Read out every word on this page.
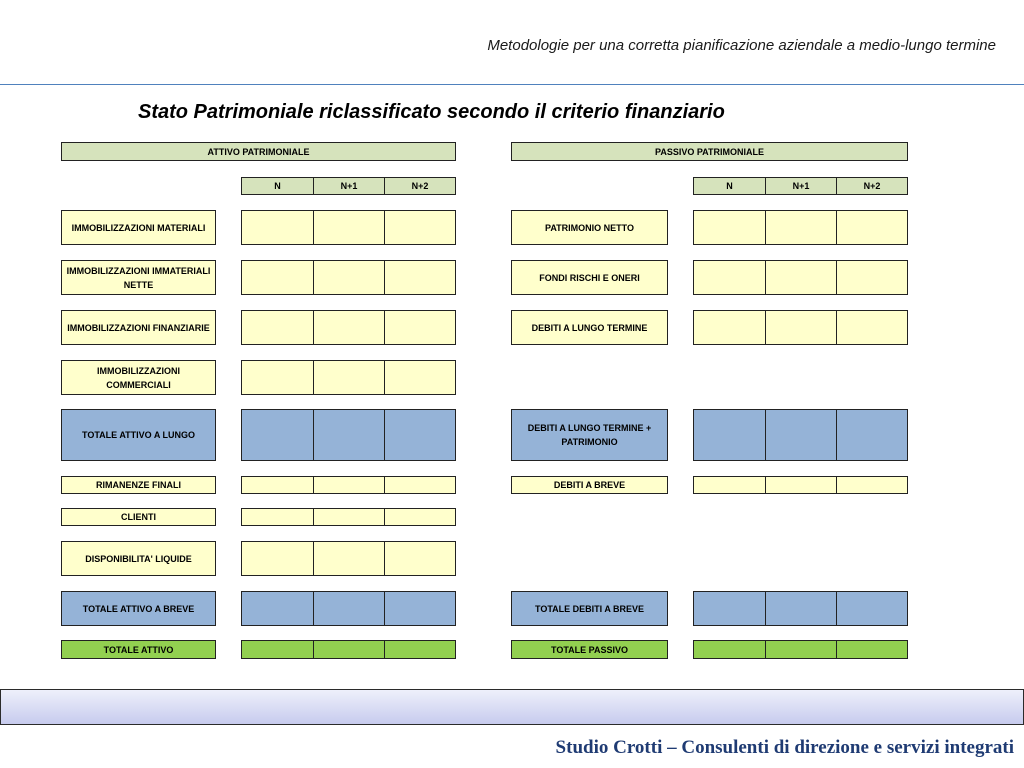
Metodologie per una corretta pianificazione aziendale a medio-lungo termine
Stato Patrimoniale riclassificato secondo il criterio finanziario
ATTIVO PATRIMONIALE
N	N+1	N+2
IMMOBILIZZAZIONI MATERIALI
IMMOBILIZZAZIONI IMMATERIALI NETTE
IMMOBILIZZAZIONI FINANZIARIE
IMMOBILIZZAZIONI COMMERCIALI
TOTALE ATTIVO A LUNGO
RIMANENZE FINALI
CLIENTI
DISPONIBILITA' LIQUIDE
TOTALE ATTIVO A BREVE
TOTALE ATTIVO
PASSIVO PATRIMONIALE
N	N+1	N+2
PATRIMONIO NETTO
FONDI RISCHI E ONERI
DEBITI A LUNGO TERMINE
DEBITI A LUNGO TERMINE + PATRIMONIO
DEBITI A BREVE
TOTALE DEBITI A BREVE
TOTALE PASSIVO
Studio Crotti – Consulenti di direzione e servizi integrati
